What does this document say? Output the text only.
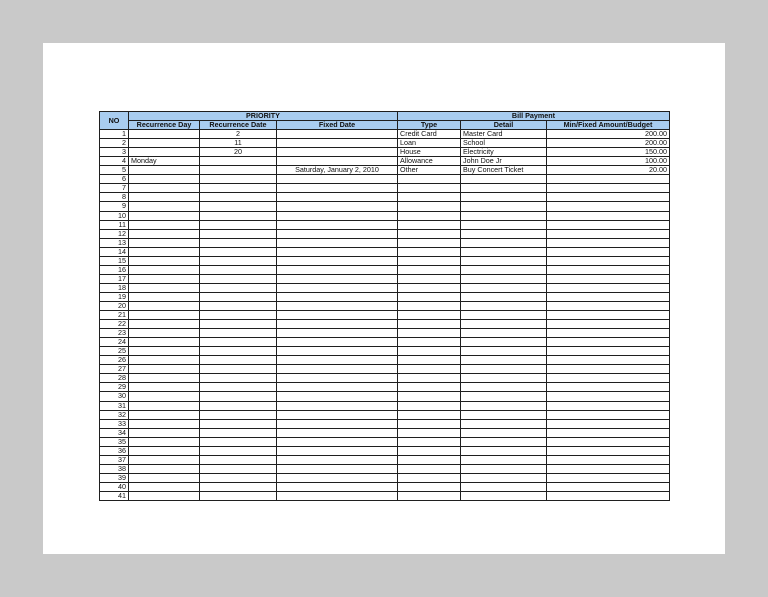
NO	PRIORITY			Bill Payment		
	Recurrence Day	Recurrence Date	Fixed Date	Type	Detail	Min/Fixed Amount/Budget
1		2		Credit Card	Master Card	200.00
2		11		Loan	School	200.00
3		20		House	Electricity	150.00
4	Monday			Allowance	John Doe Jr	100.00
5			Saturday, January 2, 2010	Other	Buy Concert Ticket	20.00
6						
7						
8						
9						
10						
11						
12						
13						
14						
15						
16						
17						
18						
19						
20						
21						
22						
23						
24						
25						
26						
27						
28						
29						
30						
31						
32						
33						
34						
35						
36						
37						
38						
39						
40						
41						
